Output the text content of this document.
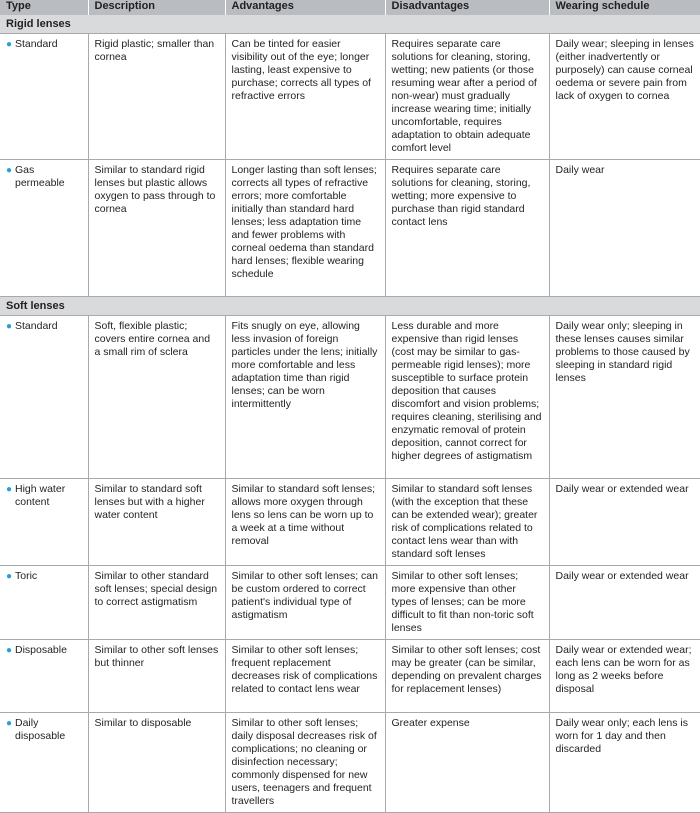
Type	Description	Advantages	Disadvantages	Wearing schedule
Rigid lenses				

● Standard	Rigid plastic; smaller than cornea	Can be tinted for easier visibility out of the eye; longer lasting, least expensive to purchase; corrects all types of refractive errors	Requires separate care solutions for cleaning, storing, wetting; new patients (or those resuming wear after a period of non-wear) must gradually increase wearing time; initially uncomfortable, requires adaptation to obtain adequate comfort level	Daily wear; sleeping in lenses (either inadvertently or purposely) can cause corneal oedema or severe pain from lack of oxygen to cornea

● Gas permeable	Similar to standard rigid lenses but plastic allows oxygen to pass through to cornea	Longer lasting than soft lenses; corrects all types of refractive errors; more comfortable initially than standard hard lenses; less adaptation time and fewer problems with corneal oedema than standard hard lenses; flexible wearing schedule	Requires separate care solutions for cleaning, storing, wetting; more expensive to purchase than rigid standard contact lens	Daily wear
Soft lenses				

● Standard	Soft, flexible plastic; covers entire cornea and a small rim of sclera	Fits snugly on eye, allowing less invasion of foreign particles under the lens; initially more comfortable and less adaptation time than rigid lenses; can be worn intermittently	Less durable and more expensive than rigid lenses (cost may be similar to gas-permeable rigid lenses); more susceptible to surface protein deposition that causes discomfort and vision problems; requires cleaning, sterilising and enzymatic removal of protein deposition, cannot correct for higher degrees of astigmatism	Daily wear only; sleeping in these lenses causes similar problems to those caused by sleeping in standard rigid lenses

● High water content	Similar to standard soft lenses but with a higher water content	Similar to standard soft lenses; allows more oxygen through lens so lens can be worn up to a week at a time without removal	Similar to standard soft lenses (with the exception that these can be extended wear); greater risk of complications related to contact lens wear than with standard soft lenses	Daily wear or extended wear

● Toric	Similar to other standard soft lenses; special design to correct astigmatism	Similar to other soft lenses; can be custom ordered to correct patient's individual type of astigmatism	Similar to other soft lenses; more expensive than other types of lenses; can be more difficult to fit than non-toric soft lenses	Daily wear or extended wear

● Disposable	Similar to other soft lenses but thinner	Similar to other soft lenses; frequent replacement decreases risk of complications related to contact lens wear	Similar to other soft lenses; cost may be greater (can be similar, depending on prevalent charges for replacement lenses)	Daily wear or extended wear; each lens can be worn for as long as 2 weeks before disposal

● Daily disposable	Similar to disposable	Similar to other soft lenses; daily disposal decreases risk of complications; no cleaning or disinfection necessary; commonly dispensed for new users, teenagers and frequent travellers	Greater expense	Daily wear only; each lens is worn for 1 day and then discarded
